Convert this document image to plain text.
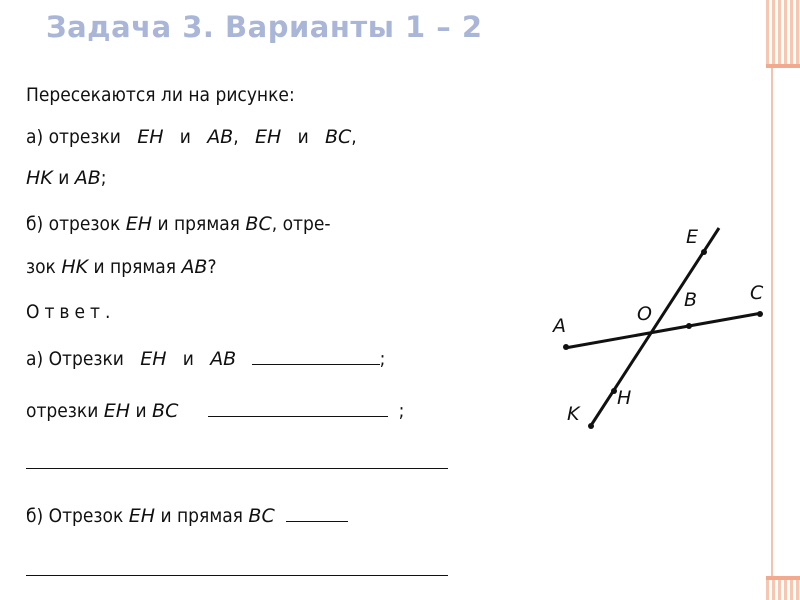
Задача 3. Варианты 1 – 2
Пересекаются ли на рисунке:
а) отрезки EH и AB, EH и BC,
HK и AB;
б) отрезок EH и прямая BC, отре-
зок HK и прямая AB?
Ответ.
а) Отрезки EH и AB	;
отрезки EH и BC	;
б) Отрезок EH и прямая BC
E
C
B
O
A
H
K
